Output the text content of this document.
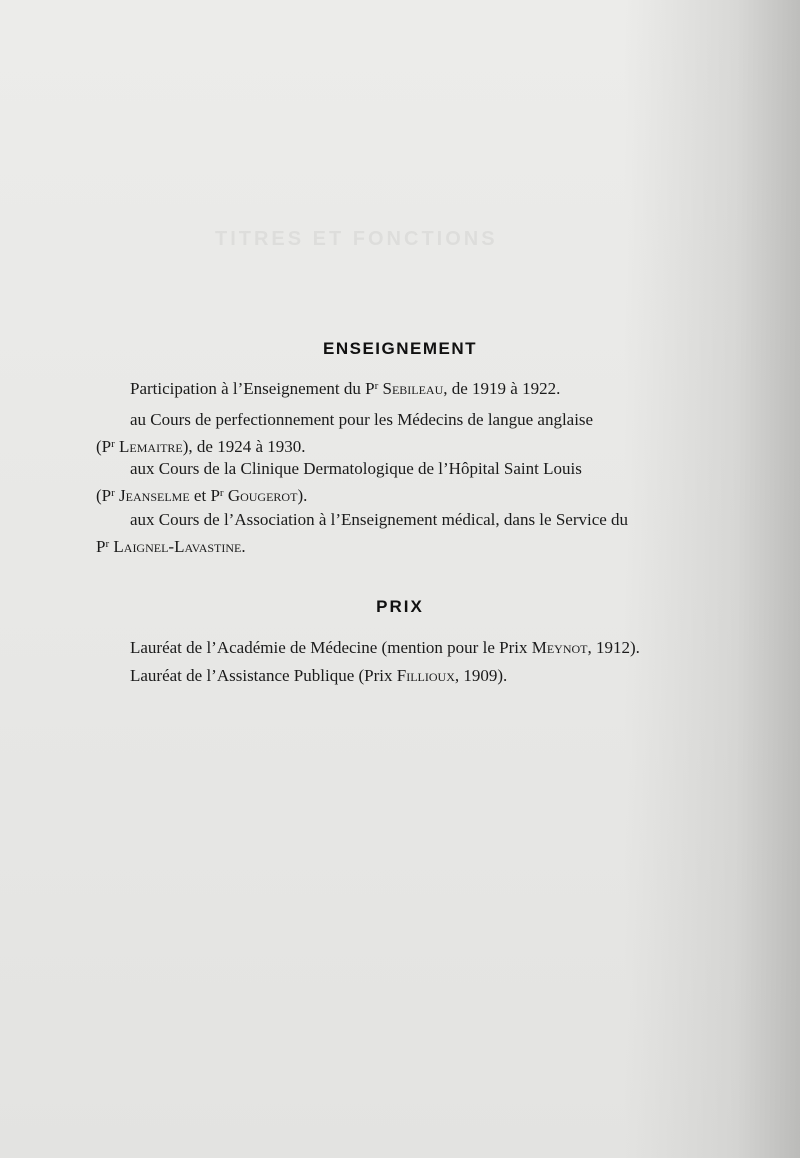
TITRES ET FONCTIONS
ENSEIGNEMENT
Participation à l’Enseignement du $P^r$ Sebileau, de 1919 à 1922.
au Cours de perfectionnement pour les Médecins de langue anglaise
($P^r$ Lemaitre), de 1924 à 1930.
aux Cours de la Clinique Dermatologique de l’Hôpital Saint Louis
($P^r$ Jeanselme et $P^r$ Gougerot).
aux Cours de l’Association à l’Enseignement médical, dans le Service du
$P^r$ Laignel-Lavastine.
PRIX
Lauréat de l’Académie de Médecine (mention pour le Prix Meynot, 1912).
Lauréat de l’Assistance Publique (Prix Fillioux, 1909).
